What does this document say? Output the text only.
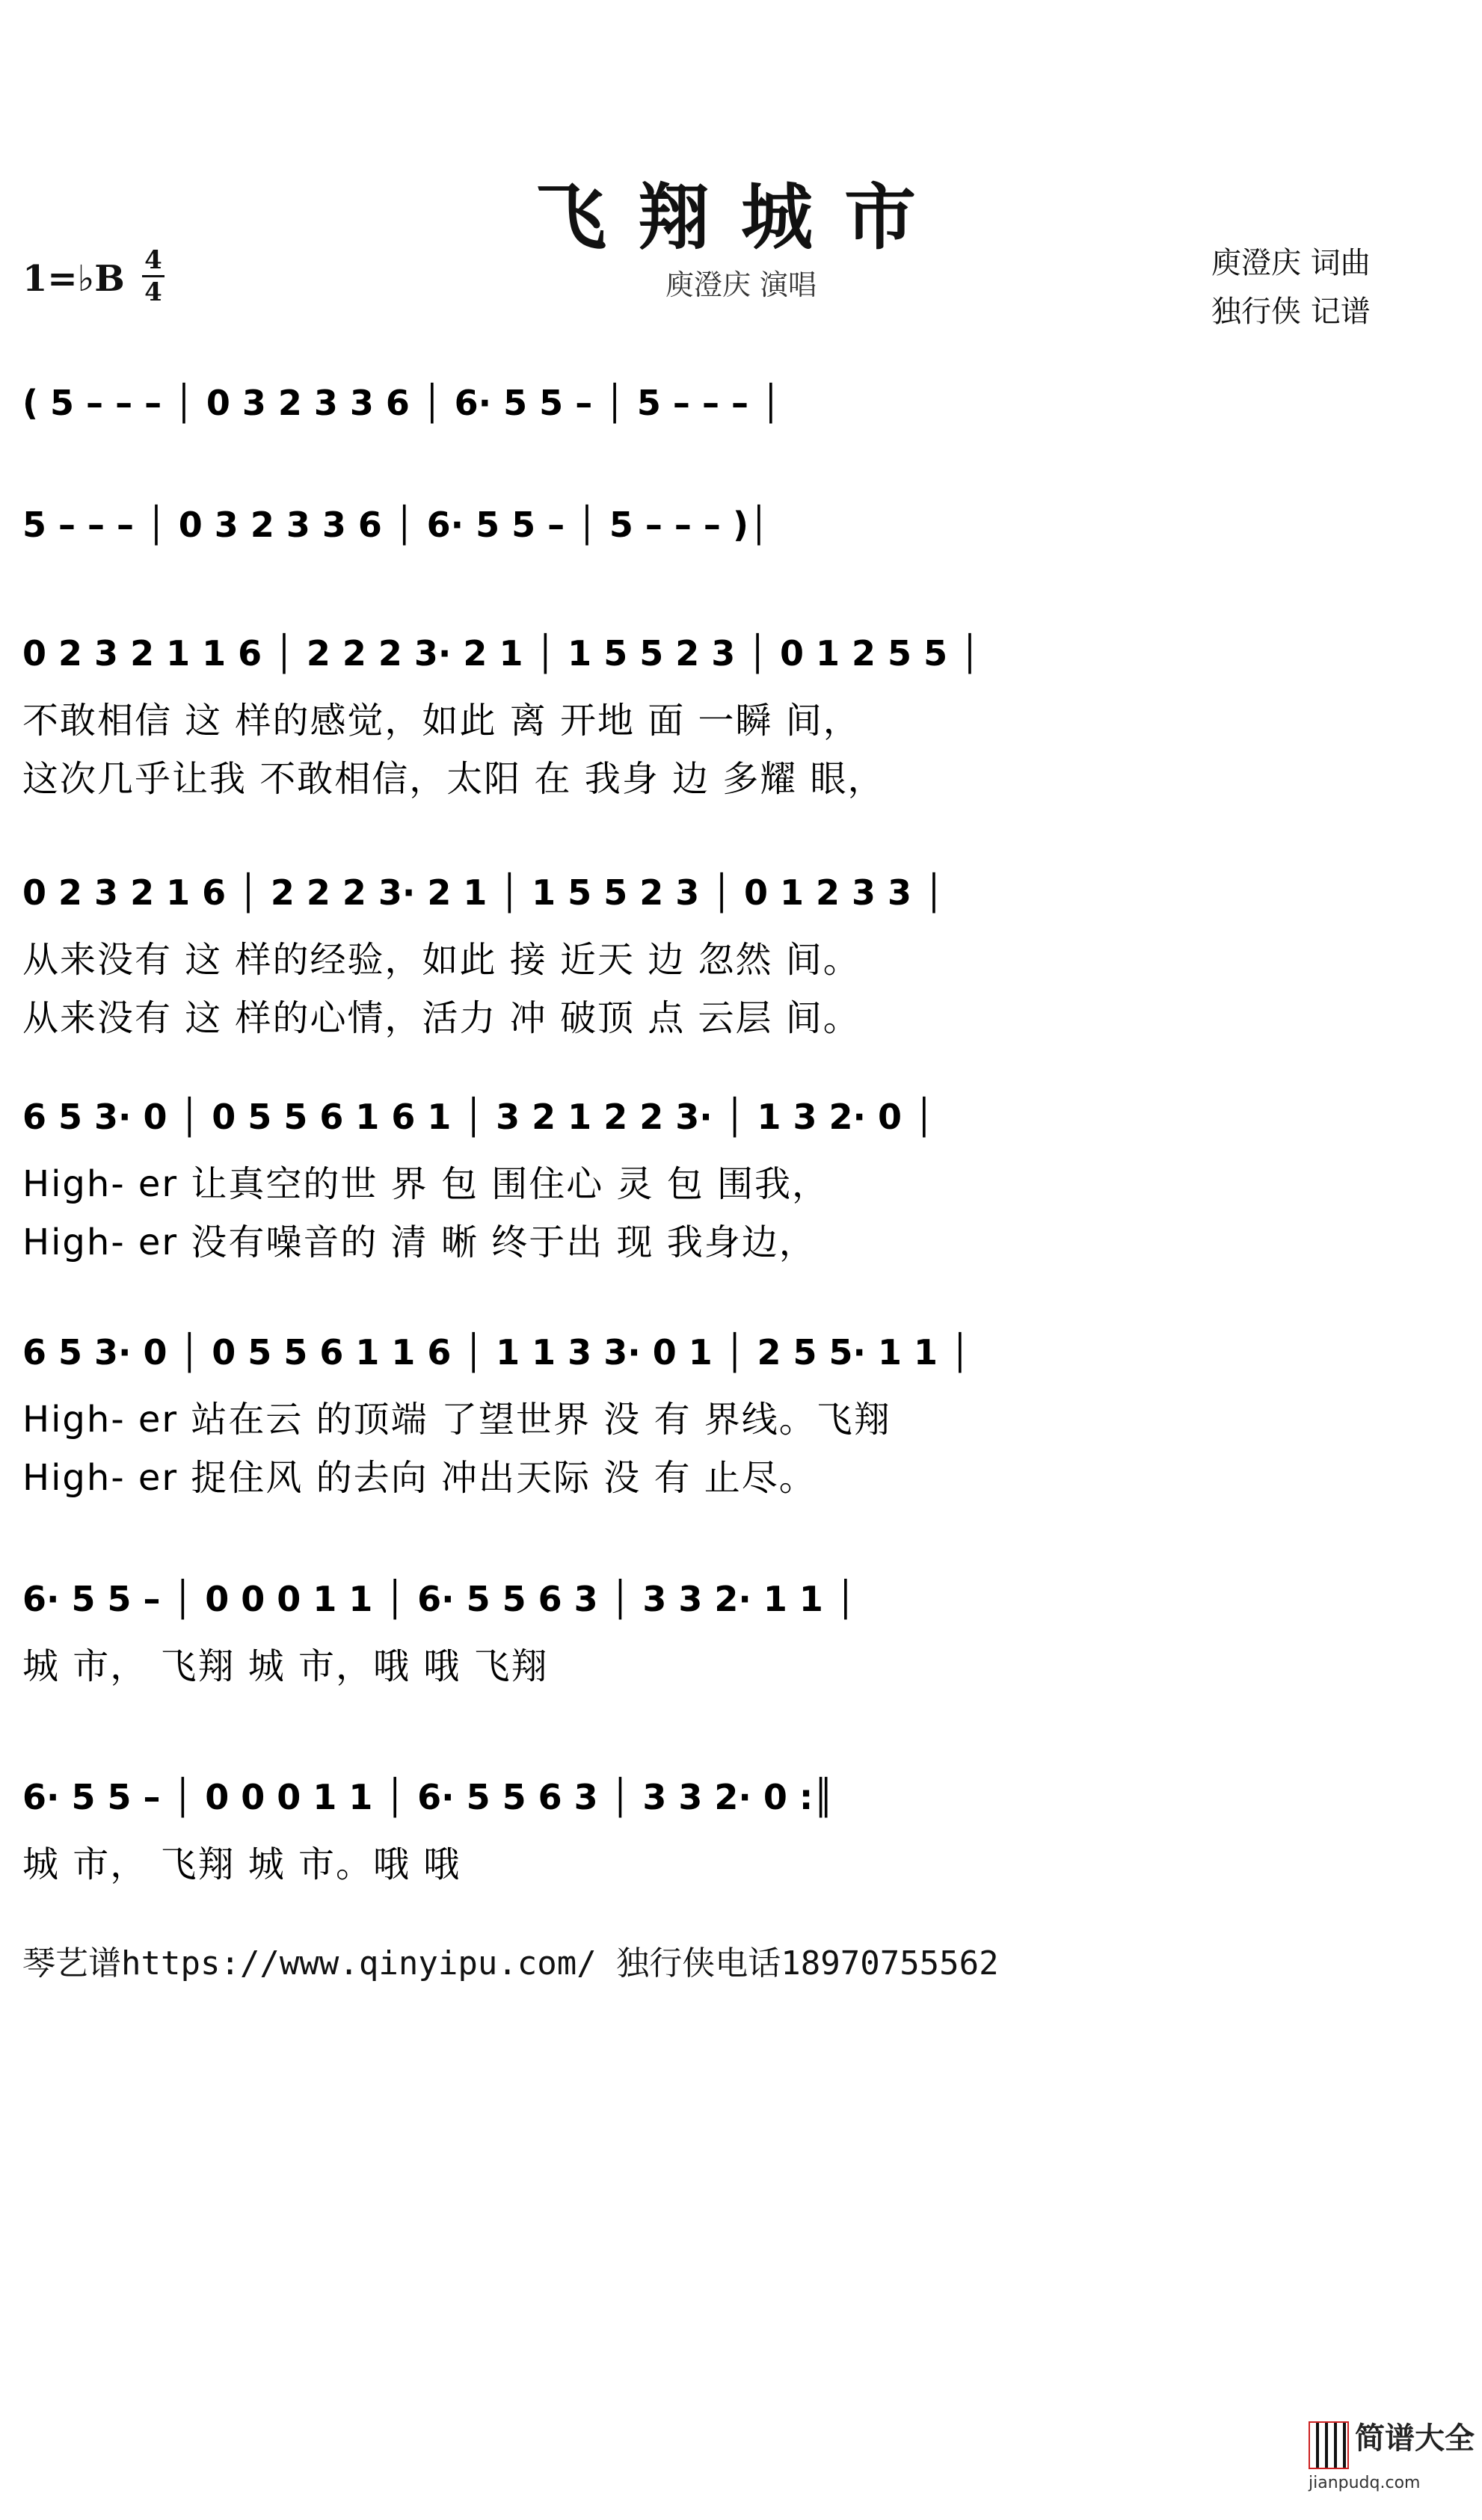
飞翔城市
1=♭B 4
4	庾澄庆 演唱
庾澄庆 词曲
独行侠 记谱
( 5 – – – │ 0 3 2 3 3 6 │ 6· 5 5 – │ 5 – – – │
5 – – – │ 0 3 2 3 3 6 │ 6· 5 5 – │ 5 – – – )│
0 2 3 2 1 1 6 │ 2 2 2 3· 2 1 │ 1 5 5 2 3 │ 0 1 2 5 5 │
不敢相信 这 样的感觉，如此 离 开地 面 一瞬 间，
这次几乎让我 不敢相信，太阳 在 我身 边 多耀 眼，
0 2 3 2 1 6 │ 2 2 2 3· 2 1 │ 1 5 5 2 3 │ 0 1 2 3 3 │
从来没有 这 样的经验，如此 接 近天 边 忽然 间。
从来没有 这 样的心情，活力 冲 破顶 点 云层 间。
6 5 3· 0 │ 0 5 5 6 1 6 1 │ 3 2 1 2 2 3· │ 1 3 2· 0 │
High- er 让真空的世 界 包 围住心 灵 包 围我，
High- er 没有噪音的 清 晰 终于出 现 我身边，
6 5 3· 0 │ 0 5 5 6 1 1 6 │ 1 1 3 3· 0 1 │ 2 5 5· 1 1 │
High- er 站在云 的顶端 了望世界 没 有 界线。飞翔
High- er 捉住风 的去向 冲出天际 没 有 止尽。
6· 5 5 – │ 0 0 0 1 1 │ 6· 5 5 6 3 │ 3 3 2· 1 1 │
城 市， 飞翔 城 市，哦 哦 飞翔
6· 5 5 – │ 0 0 0 1 1 │ 6· 5 5 6 3 │ 3 3 2· 0 :║
城 市， 飞翔 城 市。哦 哦
琴艺谱https://www.qinyipu.com/ 独行侠电话18970755562
简谱大全
jianpudq.com
